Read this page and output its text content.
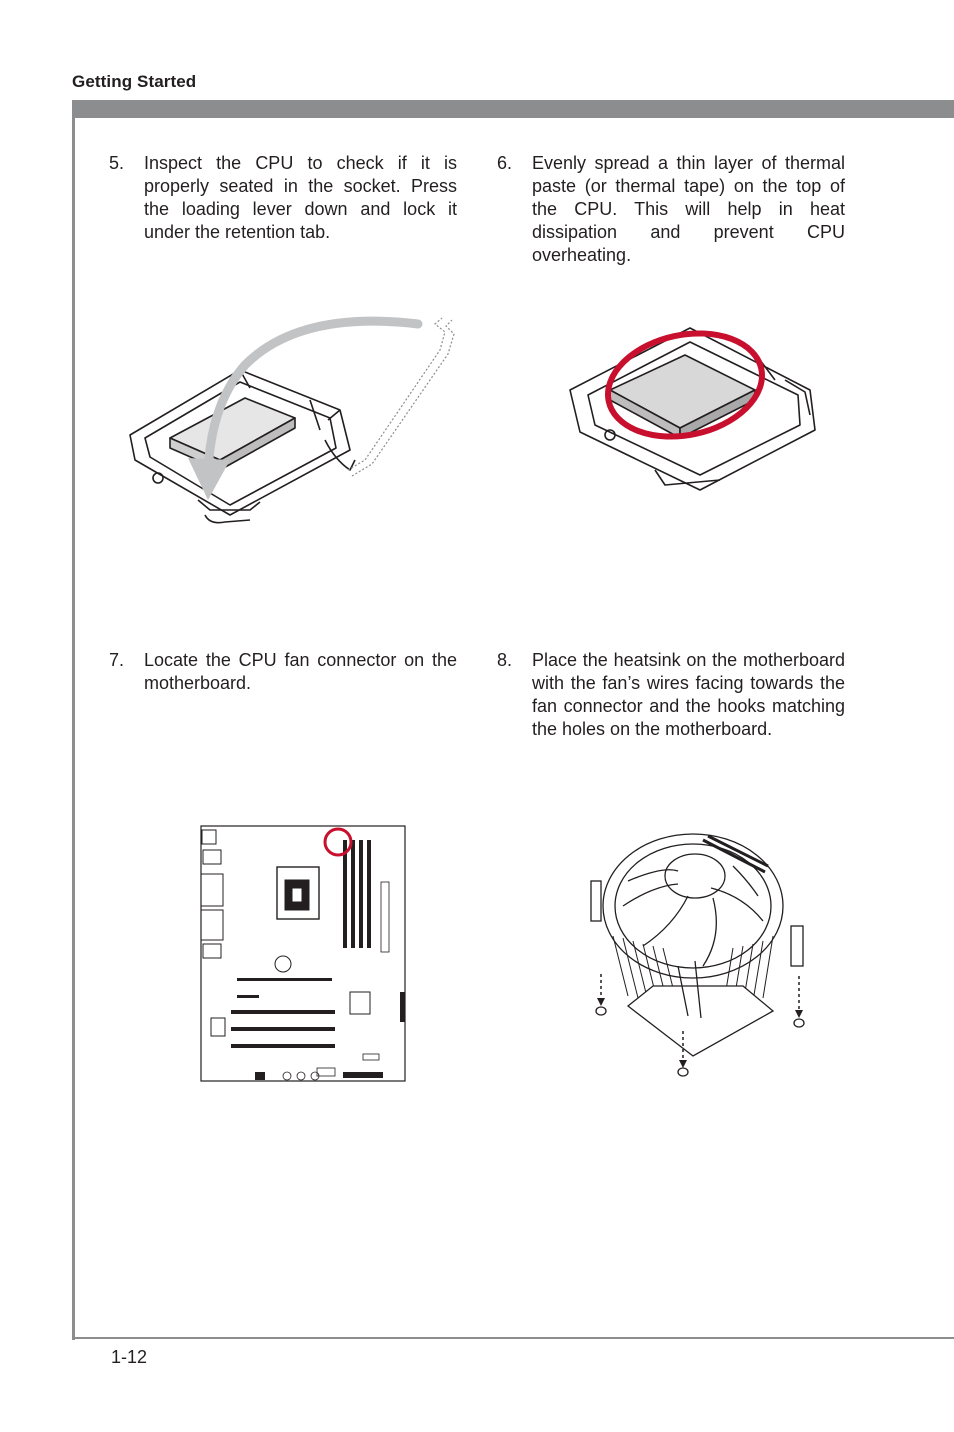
Getting Started
5. Inspect the CPU to check if it is properly seated in the socket. Press the loading lever down and lock it under the retention tab.
6. Evenly spread a thin layer of thermal paste (or thermal tape) on the top of the CPU. This will help in heat dissipation and prevent CPU overheating.
7. Locate the CPU fan connector on the motherboard.
8. Place the heatsink on the motherboard with the fan’s wires facing towards the fan connector and the hooks matching the holes on the motherboard.
1-12
